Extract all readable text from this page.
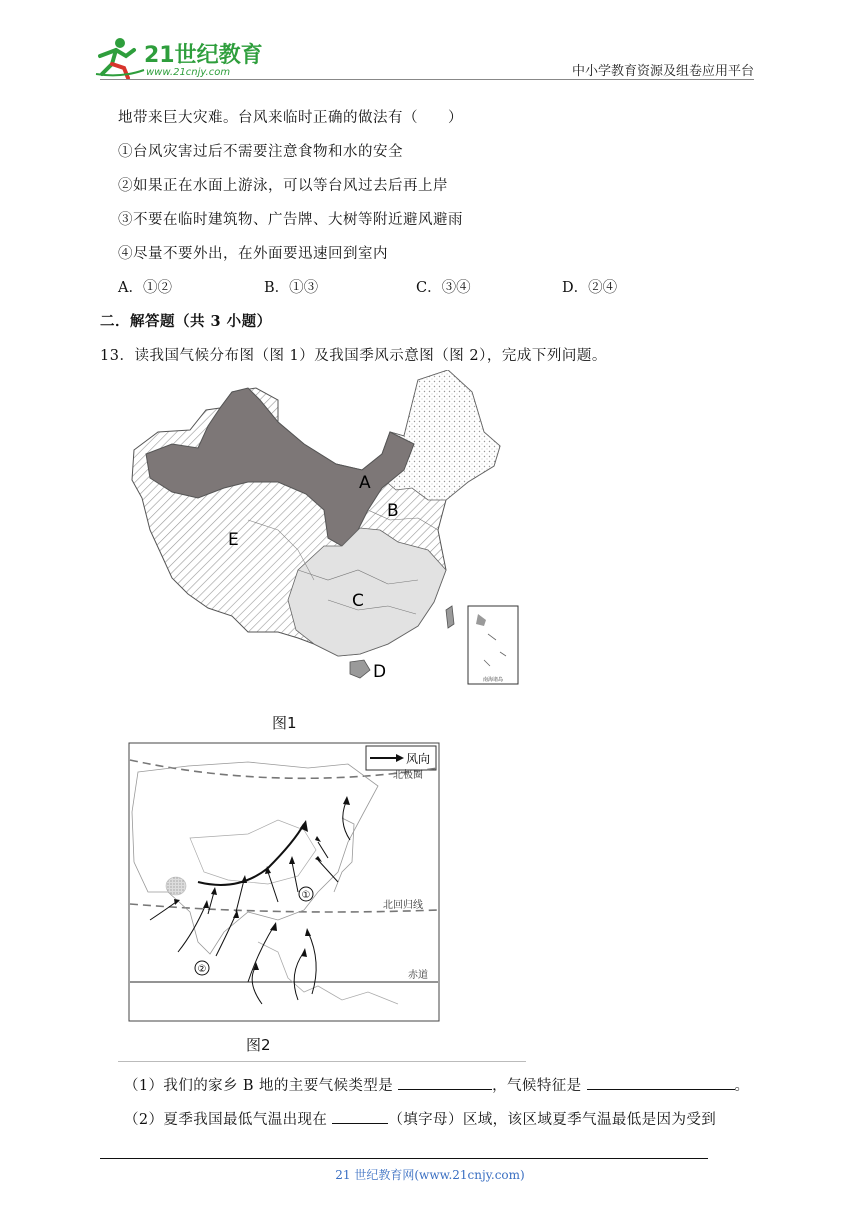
21世纪教育
www.21cnjy.com	中小学教育资源及组卷应用平台
地带来巨大灾难。台风来临时正确的做法有（　　）
①台风灾害过后不需要注意食物和水的安全
②如果正在水面上游泳，可以等台风过去后再上岸
③不要在临时建筑物、广告牌、大树等附近避风避雨
④尽量不要外出，在外面要迅速回到室内
A．①②	B．①③	C．③④	D．②④
二．解答题（共 3 小题）
13．读我国气候分布图（图 1）及我国季风示意图（图 2），完成下列问题。
南海诸岛
A
B
C
D
E
图1
风向
北极圈
北回归线
赤道
①
②
图2
（1）我们的家乡 B 地的主要气候类型是	，气候特征是	。
（2）夏季我国最低气温出现在	（填字母）区域，该区域夏季气温最低是因为受到
21 世纪教育网(www.21cnjy.com)
